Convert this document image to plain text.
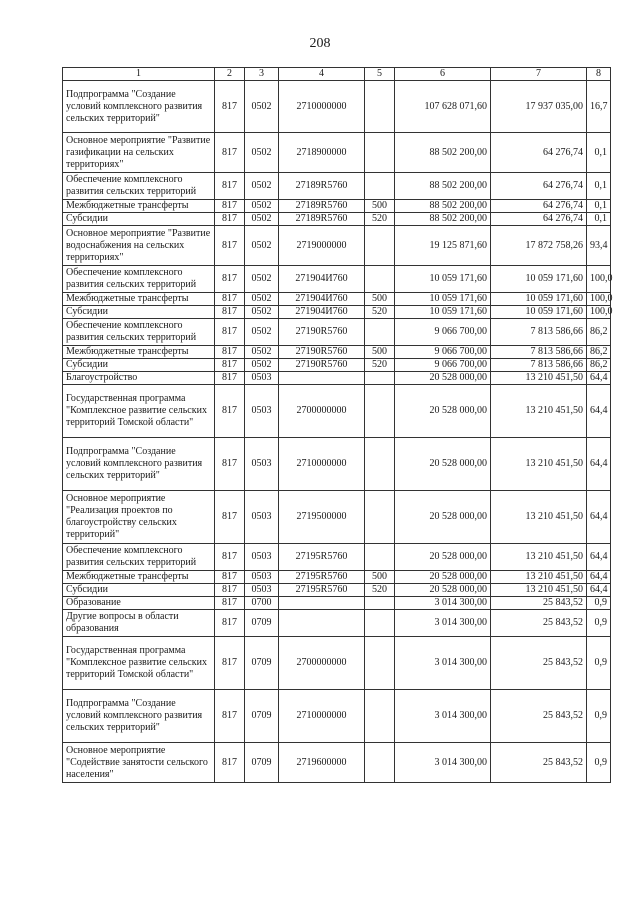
208
1	2	3	4	5	6	7	8
Подпрограмма "Создание условий комплексного развития сельских территорий"	817	0502	2710000000		107 628 071,60	17 937 035,00	16,7
Основное мероприятие "Развитие газификации на сельских территориях"	817	0502	2718900000		88 502 200,00	64 276,74	0,1
Обеспечение комплексного развития сельских территорий	817	0502	27189R5760		88 502 200,00	64 276,74	0,1
Межбюджетные трансферты	817	0502	27189R5760	500	88 502 200,00	64 276,74	0,1
Субсидии	817	0502	27189R5760	520	88 502 200,00	64 276,74	0,1
Основное мероприятие "Развитие водоснабжения на сельских территориях"	817	0502	2719000000		19 125 871,60	17 872 758,26	93,4
Обеспечение комплексного развития сельских территорий	817	0502	271904И760		10 059 171,60	10 059 171,60	100,0
Межбюджетные трансферты	817	0502	271904И760	500	10 059 171,60	10 059 171,60	100,0
Субсидии	817	0502	271904И760	520	10 059 171,60	10 059 171,60	100,0
Обеспечение комплексного развития сельских территорий	817	0502	27190R5760		9 066 700,00	7 813 586,66	86,2
Межбюджетные трансферты	817	0502	27190R5760	500	9 066 700,00	7 813 586,66	86,2
Субсидии	817	0502	27190R5760	520	9 066 700,00	7 813 586,66	86,2
Благоустройство	817	0503			20 528 000,00	13 210 451,50	64,4
Государственная программа "Комплексное развитие сельских территорий Томской области"	817	0503	2700000000		20 528 000,00	13 210 451,50	64,4
Подпрограмма "Создание условий комплексного развития сельских территорий"	817	0503	2710000000		20 528 000,00	13 210 451,50	64,4
Основное мероприятие "Реализация проектов по благоустройству сельских территорий"	817	0503	2719500000		20 528 000,00	13 210 451,50	64,4
Обеспечение комплексного развития сельских территорий	817	0503	27195R5760		20 528 000,00	13 210 451,50	64,4
Межбюджетные трансферты	817	0503	27195R5760	500	20 528 000,00	13 210 451,50	64,4
Субсидии	817	0503	27195R5760	520	20 528 000,00	13 210 451,50	64,4
Образование	817	0700			3 014 300,00	25 843,52	0,9
Другие вопросы в области образования	817	0709			3 014 300,00	25 843,52	0,9
Государственная программа "Комплексное развитие сельских территорий Томской области"	817	0709	2700000000		3 014 300,00	25 843,52	0,9
Подпрограмма "Создание условий комплексного развития сельских территорий"	817	0709	2710000000		3 014 300,00	25 843,52	0,9
Основное мероприятие "Содействие занятости сельского населения"	817	0709	2719600000		3 014 300,00	25 843,52	0,9
